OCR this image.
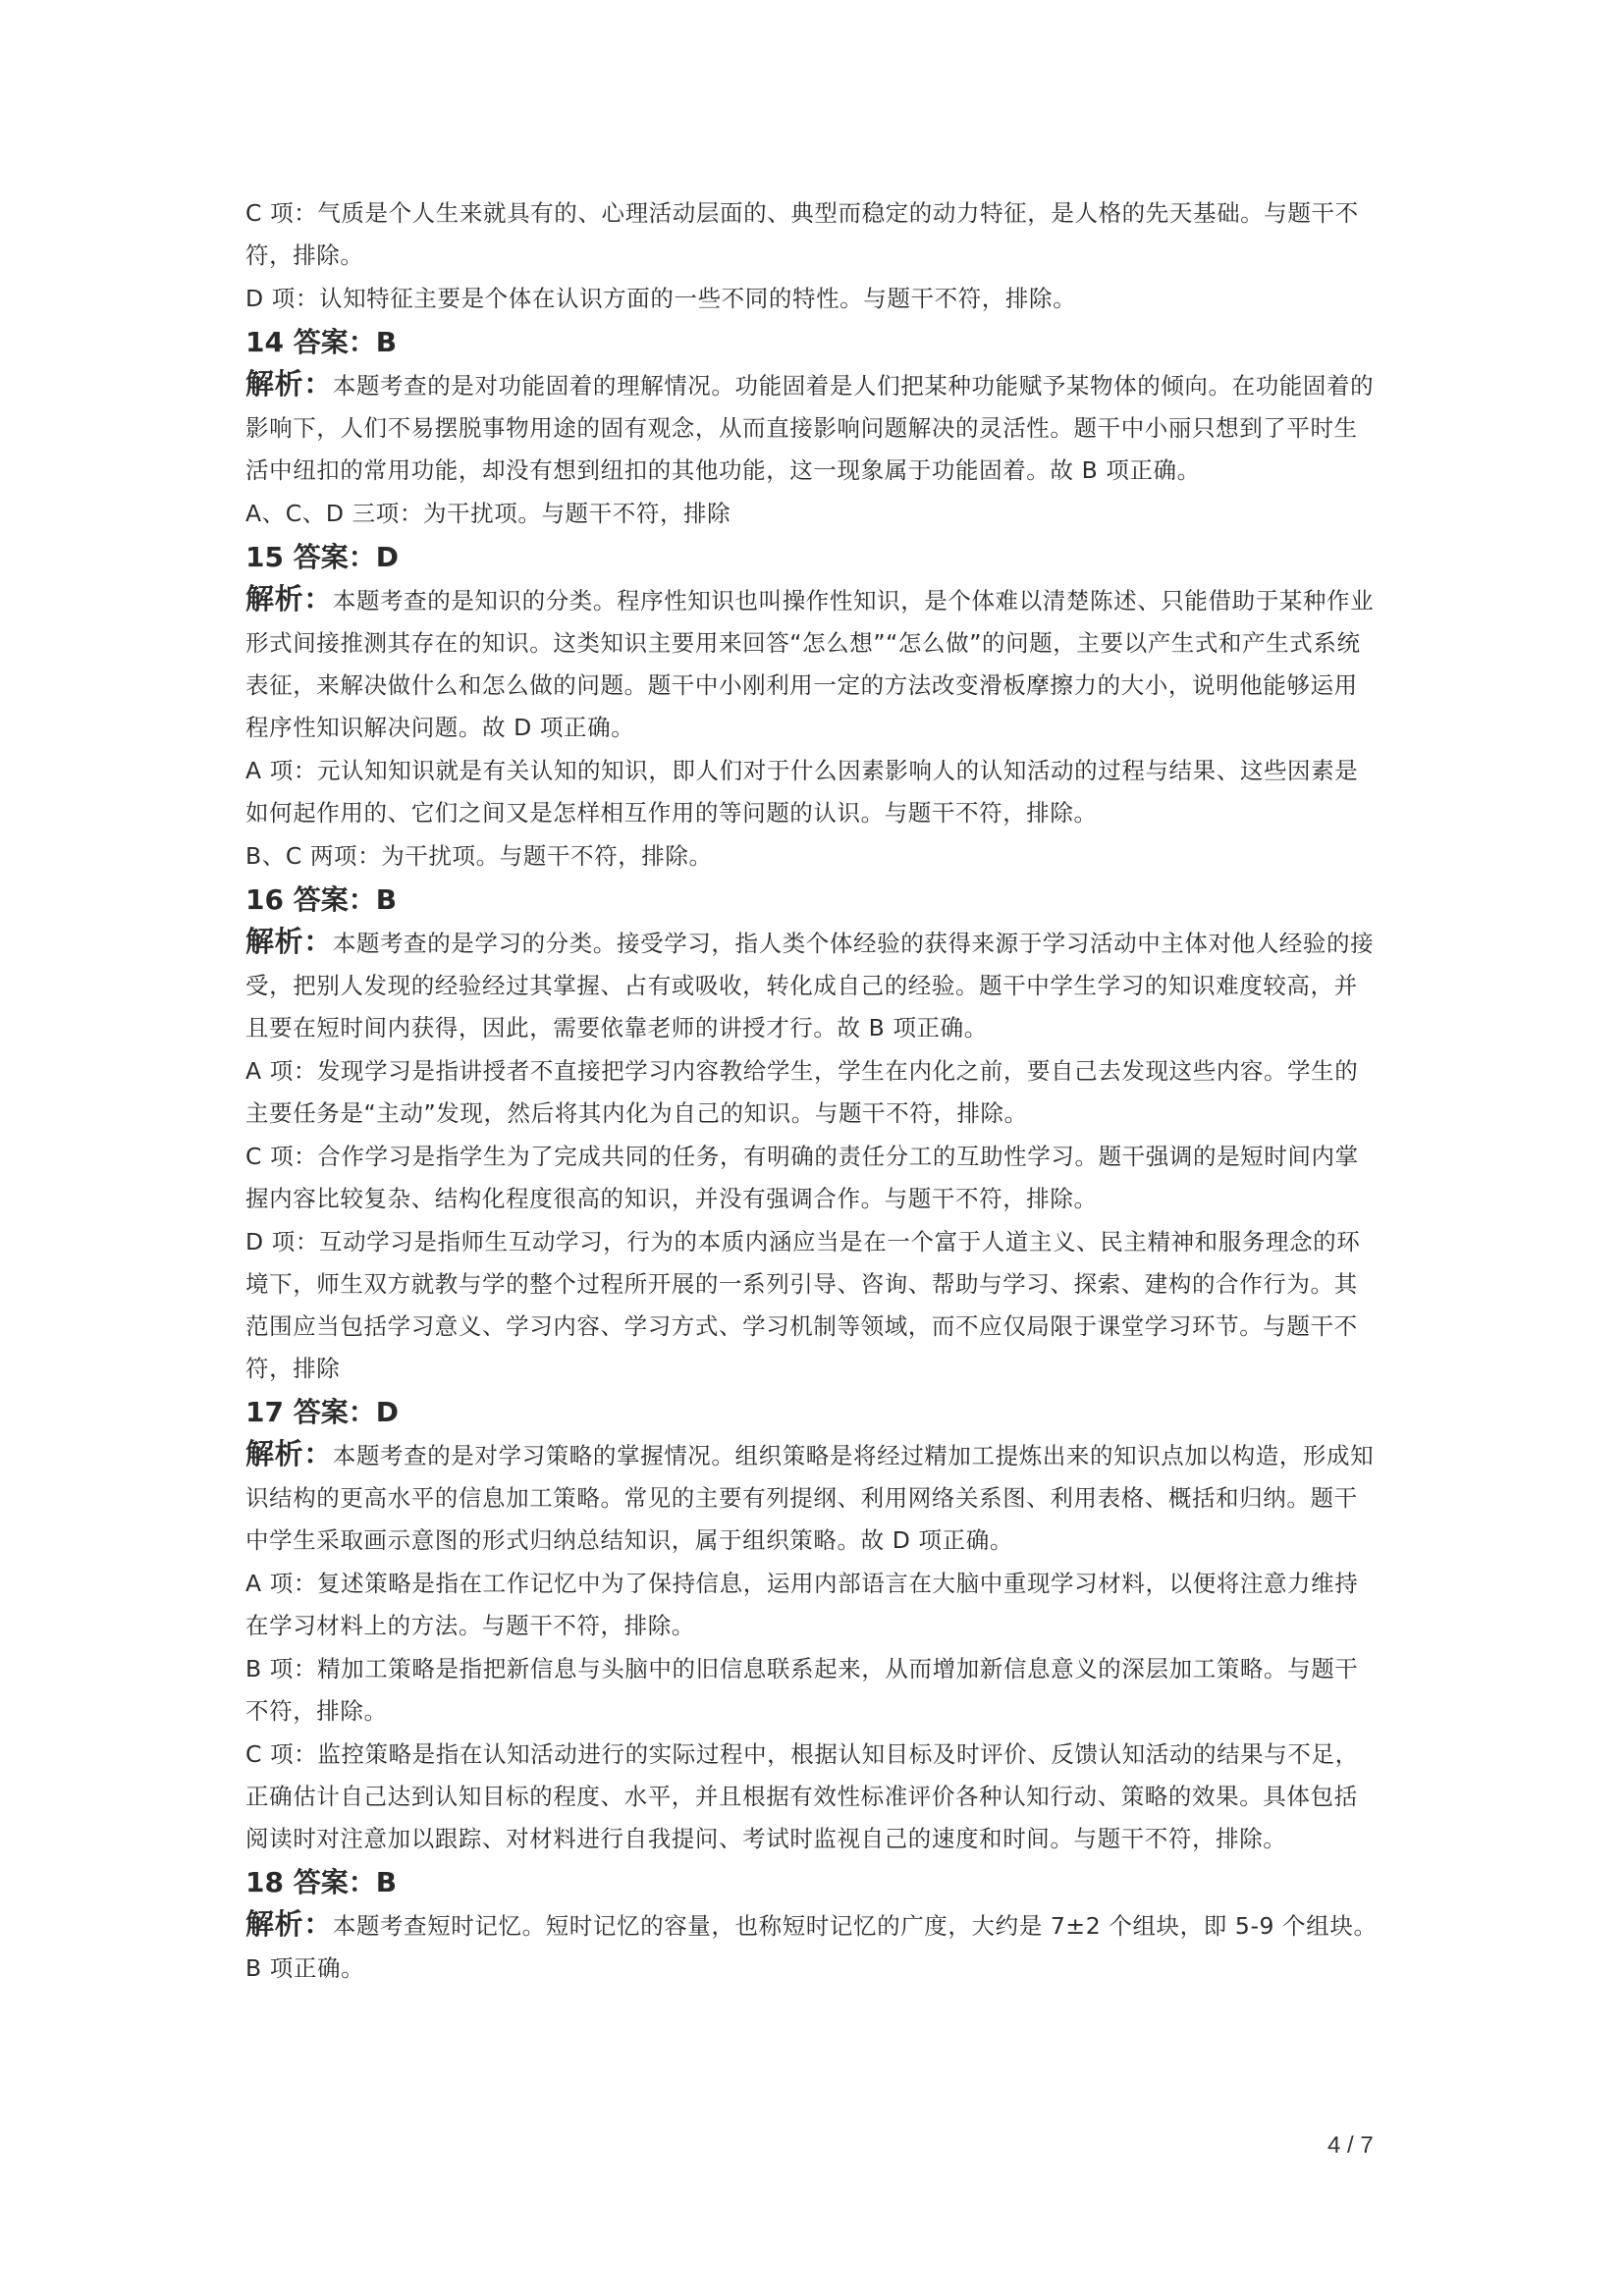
C 项：气质是个人生来就具有的、心理活动层面的、典型而稳定的动力特征，是人格的先天基础。与题干不符，排除。

D 项：认知特征主要是个体在认识方面的一些不同的特性。与题干不符，排除。

14 答案：B

解析：本题考查的是对功能固着的理解情况。功能固着是人们把某种功能赋予某物体的倾向。在功能固着的影响下，人们不易摆脱事物用途的固有观念，从而直接影响问题解决的灵活性。题干中小丽只想到了平时生活中纽扣的常用功能，却没有想到纽扣的其他功能，这一现象属于功能固着。故 B 项正确。

A、C、D 三项：为干扰项。与题干不符，排除

15 答案：D

解析：本题考查的是知识的分类。程序性知识也叫操作性知识，是个体难以清楚陈述、只能借助于某种作业形式间接推测其存在的知识。这类知识主要用来回答“怎么想”“怎么做”的问题，主要以产生式和产生式系统表征，来解决做什么和怎么做的问题。题干中小刚利用一定的方法改变滑板摩擦力的大小，说明他能够运用程序性知识解决问题。故 D 项正确。

A 项：元认知知识就是有关认知的知识，即人们对于什么因素影响人的认知活动的过程与结果、这些因素是如何起作用的、它们之间又是怎样相互作用的等问题的认识。与题干不符，排除。

B、C 两项：为干扰项。与题干不符，排除。

16 答案：B

解析：本题考查的是学习的分类。接受学习，指人类个体经验的获得来源于学习活动中主体对他人经验的接受，把别人发现的经验经过其掌握、占有或吸收，转化成自己的经验。题干中学生学习的知识难度较高，并且要在短时间内获得，因此，需要依靠老师的讲授才行。故 B 项正确。

A 项：发现学习是指讲授者不直接把学习内容教给学生，学生在内化之前，要自己去发现这些内容。学生的主要任务是“主动”发现，然后将其内化为自己的知识。与题干不符，排除。

C 项：合作学习是指学生为了完成共同的任务，有明确的责任分工的互助性学习。题干强调的是短时间内掌握内容比较复杂、结构化程度很高的知识，并没有强调合作。与题干不符，排除。

D 项：互动学习是指师生互动学习，行为的本质内涵应当是在一个富于人道主义、民主精神和服务理念的环境下，师生双方就教与学的整个过程所开展的一系列引导、咨询、帮助与学习、探索、建构的合作行为。其范围应当包括学习意义、学习内容、学习方式、学习机制等领域，而不应仅局限于课堂学习环节。与题干不符，排除

17 答案：D

解析：本题考查的是对学习策略的掌握情况。组织策略是将经过精加工提炼出来的知识点加以构造，形成知识结构的更高水平的信息加工策略。常见的主要有列提纲、利用网络关系图、利用表格、概括和归纳。题干中学生采取画示意图的形式归纳总结知识，属于组织策略。故 D 项正确。

A 项：复述策略是指在工作记忆中为了保持信息，运用内部语言在大脑中重现学习材料，以便将注意力维持在学习材料上的方法。与题干不符，排除。

B 项：精加工策略是指把新信息与头脑中的旧信息联系起来，从而增加新信息意义的深层加工策略。与题干不符，排除。

C 项：监控策略是指在认知活动进行的实际过程中，根据认知目标及时评价、反馈认知活动的结果与不足，正确估计自己达到认知目标的程度、水平，并且根据有效性标准评价各种认知行动、策略的效果。具体包括阅读时对注意加以跟踪、对材料进行自我提问、考试时监视自己的速度和时间。与题干不符，排除。

18 答案：B

解析：本题考查短时记忆。短时记忆的容量，也称短时记忆的广度，大约是 7±2 个组块，即 5-9 个组块。B 项正确。

4 / 7
